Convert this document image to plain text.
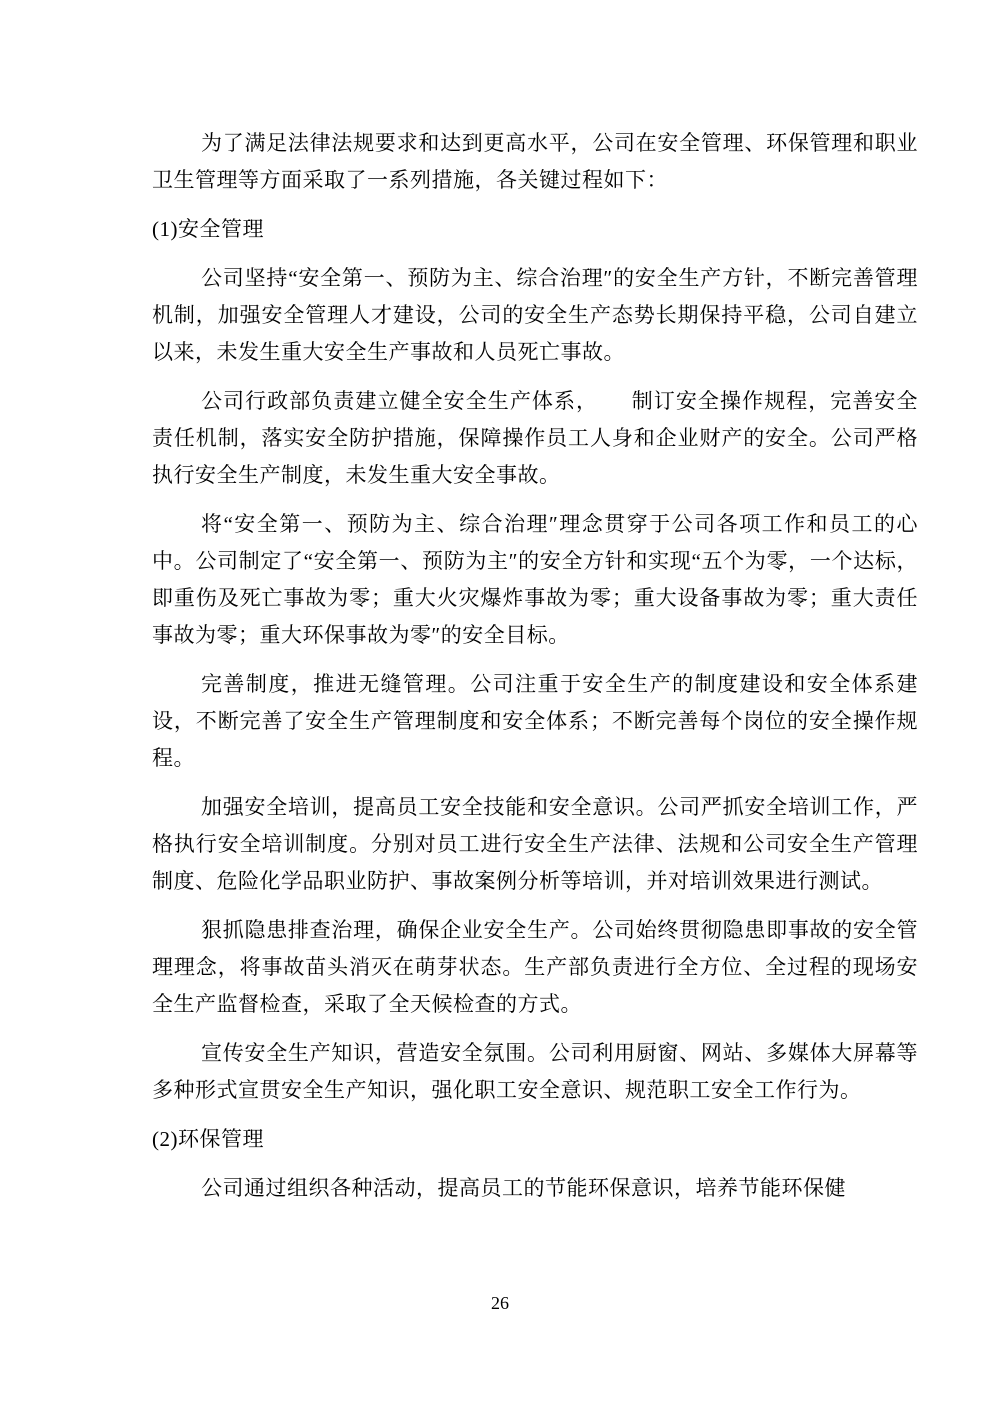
为了满足法律法规要求和达到更高水平，公司在安全管理、环保管理和职业卫生管理等方面采取了一系列措施，各关键过程如下：

(1)安全管理

公司坚持“安全第一、预防为主、综合治理″的安全生产方针，不断完善管理机制，加强安全管理人才建设，公司的安全生产态势长期保持平稳，公司自建立以来，未发生重大安全生产事故和人员死亡事故。

公司行政部负责建立健全安全生产体系，　　制订安全操作规程，完善安全责任机制，落实安全防护措施，保障操作员工人身和企业财产的安全。公司严格执行安全生产制度，未发生重大安全事故。

将“安全第一、预防为主、综合治理″理念贯穿于公司各项工作和员工的心中。公司制定了“安全第一、预防为主″的安全方针和实现“五个为零，一个达标，即重伤及死亡事故为零；重大火灾爆炸事故为零；重大设备事故为零；重大责任事故为零；重大环保事故为零″的安全目标。

完善制度，推进无缝管理。公司注重于安全生产的制度建设和安全体系建设，不断完善了安全生产管理制度和安全体系；不断完善每个岗位的安全操作规程。

加强安全培训，提高员工安全技能和安全意识。公司严抓安全培训工作，严格执行安全培训制度。分别对员工进行安全生产法律、法规和公司安全生产管理制度、危险化学品职业防护、事故案例分析等培训，并对培训效果进行测试。

狠抓隐患排查治理，确保企业安全生产。公司始终贯彻隐患即事故的安全管理理念，将事故苗头消灭在萌芽状态。生产部负责进行全方位、全过程的现场安全生产监督检查，采取了全天候检查的方式。

宣传安全生产知识，营造安全氛围。公司利用厨窗、网站、多媒体大屏幕等多种形式宣贯安全生产知识，强化职工安全意识、规范职工安全工作行为。

(2)环保管理

公司通过组织各种活动，提高员工的节能环保意识，培养节能环保健

26
